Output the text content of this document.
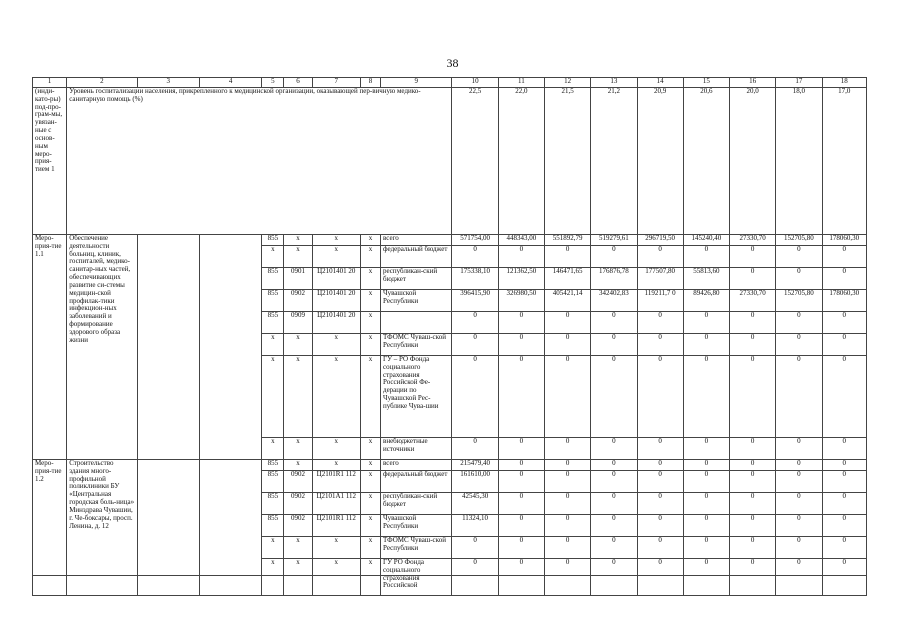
38
1	2	3	4	5	6	7	8	9	10	11	12	13	14	15	16	17	18
(инди-като-ры) под-про-грам-мы, увязан-ные с основ-ным меро-прия-тием 1	Уровень госпитализации населения, прикрепленного к медицинской организации, оказывающей пер-вичную медико-санитарную помощь (%)								22,5	22,0	21,5	21,2	20,9	20,6	20,0	18,0	17,0
Меро-прия-тие 1.1	Обеспечение деятельности больниц, клиник, госпиталей, медико-санитар-ных частей, обеспечивающих развитие си-стемы медицин-ской профилак-тики инфекцион-ных заболеваний и формирование здорового образа жизни			855	x	x	x	всего	571754,00	448343,00	551892,79	519279,61	296719,50	145240,40	27330,70	152705,80	178060,30
				x	x	x	x	федеральный бюджет	0	0	0	0	0	0	0	0	0
				855	0901	Ц2101401 20	x	республикан-ский бюджет	175338,10	121362,50	146471,65	176876,78	177507,80	55813,60	0	0	0
				855	0902	Ц2101401 20	x	Чувашской Республики	396415,90	326980,50	405421,14	342402,83	119211,7 0	89426,80	27330,70	152705,80	178060,30
				855	0909	Ц2101401 20	x		0	0	0	0	0	0	0	0	0
				x	x	x	x	ТФОМС Чуваш-ской Республики	0	0	0	0	0	0	0	0	0
				x	x	x	x	ГУ – РО Фонда социального страхования Российской Фе-дерации по Чувашской Рес-публике Чува-шии	0	0	0	0	0	0	0	0	0
				x	x	x	x	внебюджетные источники	0	0	0	0	0	0	0	0	0
Меро-прия-тие 1.2	Строительство здания много-профильной поликлиники БУ «Центральная городская боль-ница» Минздрава Чувашии, г. Че-боксары, просп. Ленина, д. 12			855	x	x	x	всего	215479,40	0	0	0	0	0	0	0	0
				855	0902	Ц2101R1 112	x	федеральный бюджет	161610,00	0	0	0	0	0	0	0	0
				855	0902	Ц2101А1 112	x	республикан-ский бюджет	42545,30	0	0	0	0	0	0	0	0
				855	0902	Ц2101R1 112	x	Чувашской Республики	11324,10	0	0	0	0	0	0	0	0
				x	x	x	x	ТФОМС Чуваш-ской Республики	0	0	0	0	0	0	0	0	0
				x	x	x	x	ГУ РО Фонда социального страхования Российской	0	0	0	0	0	0	0	0	0
